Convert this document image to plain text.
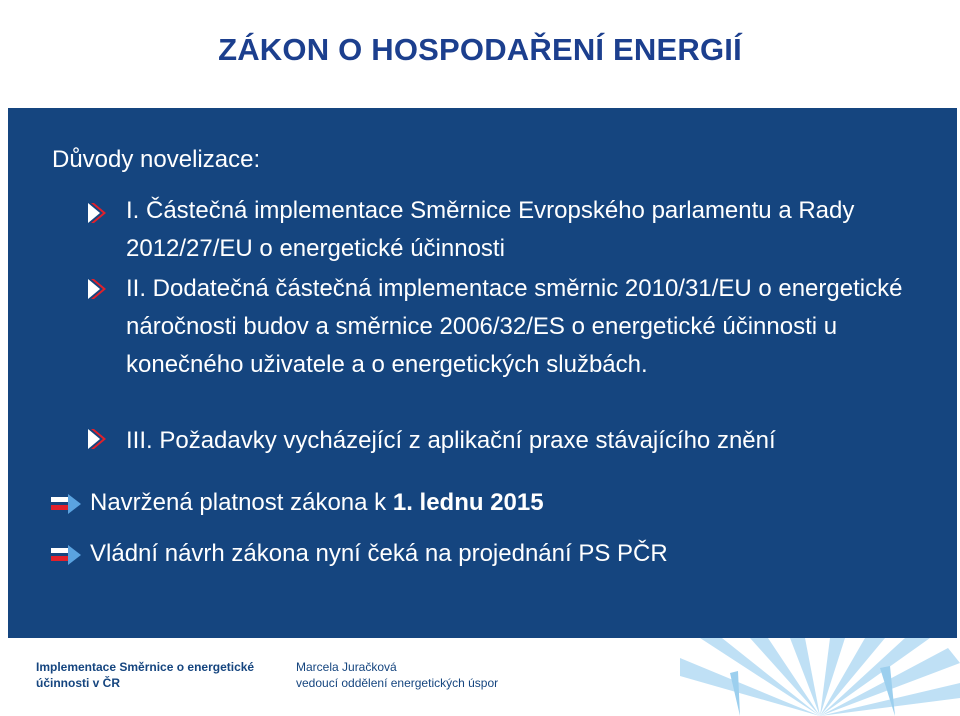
ZÁKON O HOSPODAŘENÍ ENERGIÍ
Důvody novelizace:
I. Částečná implementace Směrnice Evropského parlamentu a Rady 2012/27/EU o energetické účinnosti
II. Dodatečná částečná implementace směrnic 2010/31/EU o energetické náročnosti budov a směrnice 2006/32/ES o energetické účinnosti u konečného uživatele a o energetických službách.
III. Požadavky vycházející z aplikační praxe stávajícího znění
Navržená platnost zákona k 1. lednu 2015
Vládní návrh zákona nyní čeká na projednání PS PČR
Implementace Směrnice o energetické
účinnosti v ČR
Marcela Juračková
vedoucí oddělení energetických úspor
